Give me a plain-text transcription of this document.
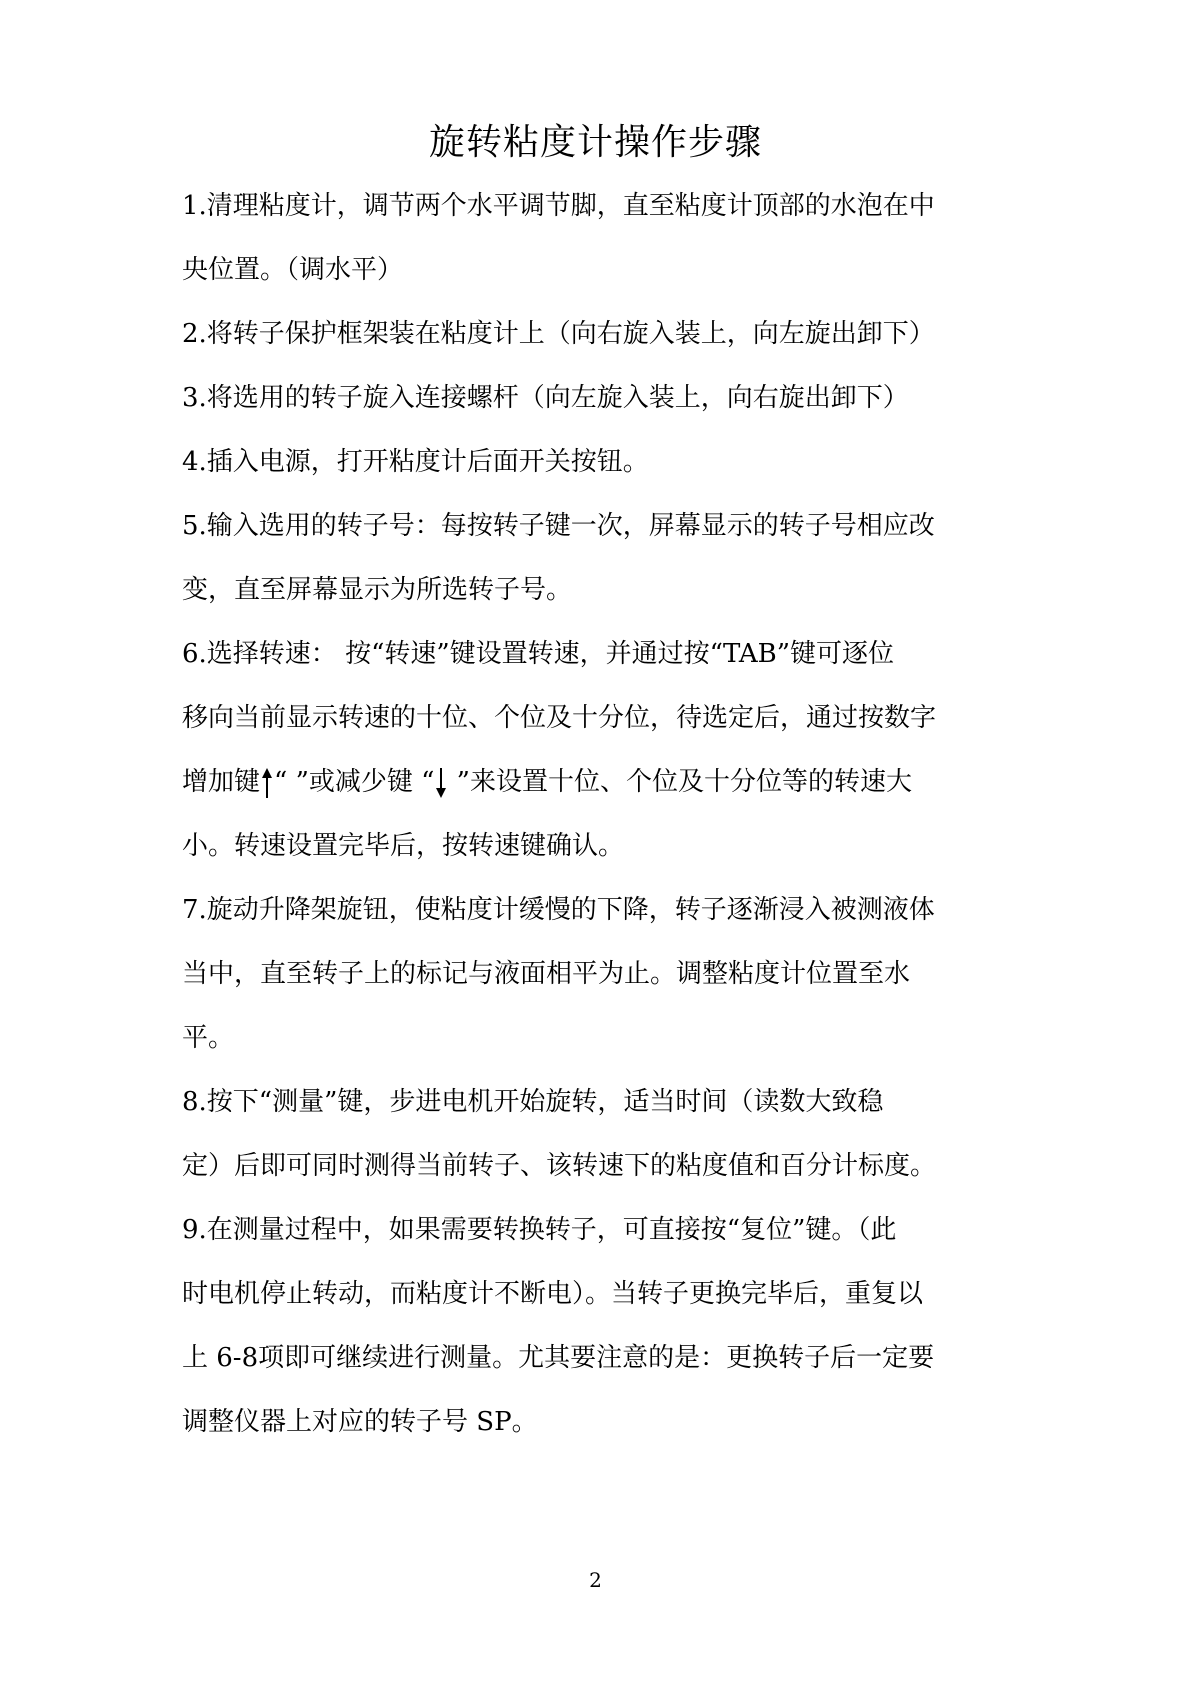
旋转粘度计操作步骤
1.清理粘度计，调节两个水平调节脚，直至粘度计顶部的水泡在中
央位置。（调水平）
2.将转子保护框架装在粘度计上（向右旋入装上，向左旋出卸下）
3.将选用的转子旋入连接螺杆（向左旋入装上，向右旋出卸下）
4.插入电源，打开粘度计后面开关按钮。
5.输入选用的转子号：每按转子键一次，屏幕显示的转子号相应改
变，直至屏幕显示为所选转子号。
6.选择转速： 按“转速”键设置转速，并通过按“TAB”键可逐位
移向当前显示转速的十位、个位及十分位，待选定后，通过按数字
增加键 “ ”或减少键 “
”来设置十位、个位及十分位等的转速大
小。转速设置完毕后，按转速键确认。
7.旋动升降架旋钮，使粘度计缓慢的下降，转子逐渐浸入被测液体
当中，直至转子上的标记与液面相平为止。调整粘度计位置至水
平。
8.按下“测量”键，步进电机开始旋转，适当时间（读数大致稳
定）后即可同时测得当前转子、该转速下的粘度值和百分计标度。
9.在测量过程中，如果需要转换转子，可直接按“复位”键。（此
时电机停止转动，而粘度计不断电）。当转子更换完毕后，重复以
上 6-8项即可继续进行测量。尤其要注意的是：更换转子后一定要
调整仪器上对应的转子号 SP。
2
